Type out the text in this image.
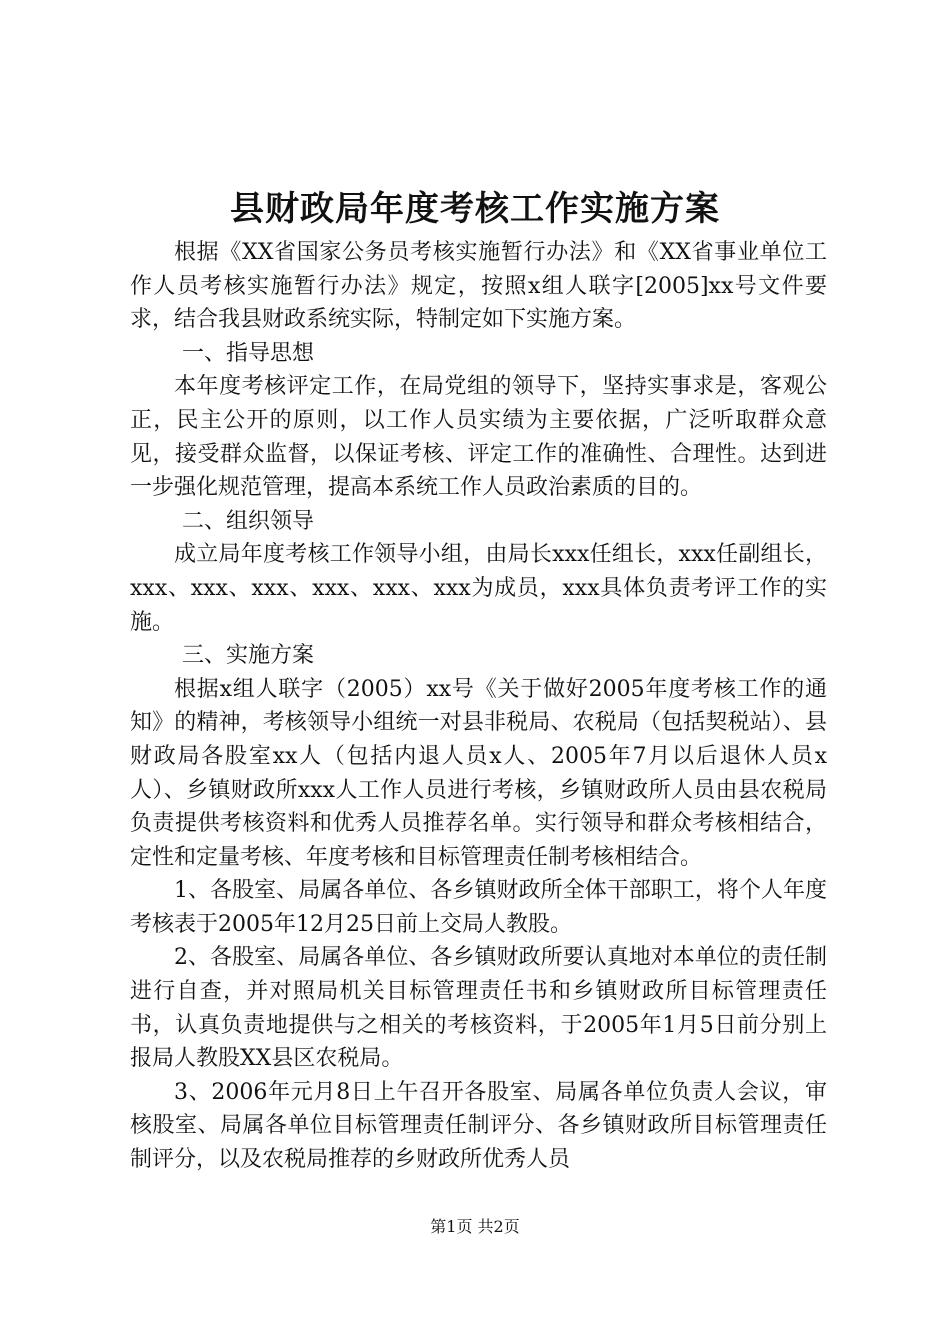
县财政局年度考核工作实施方案

根据《XX省国家公务员考核实施暂行办法》和《XX省事业单位工作人员考核实施暂行办法》规定，按照x组人联字[2005]xx号文件要求，结合我县财政系统实际，特制定如下实施方案。

一、指导思想

本年度考核评定工作，在局党组的领导下，坚持实事求是，客观公正，民主公开的原则，以工作人员实绩为主要依据，广泛听取群众意见，接受群众监督，以保证考核、评定工作的准确性、合理性。达到进一步强化规范管理，提高本系统工作人员政治素质的目的。

二、组织领导

成立局年度考核工作领导小组，由局长xxx任组长，xxx任副组长，xxx、xxx、xxx、xxx、xxx、xxx为成员，xxx具体负责考评工作的实施。

三、实施方案

根据x组人联字（2005）xx号《关于做好2005年度考核工作的通知》的精神，考核领导小组统一对县非税局、农税局（包括契税站）、县财政局各股室xx人（包括内退人员x人、2005年7月以后退休人员x人）、乡镇财政所xxx人工作人员进行考核，乡镇财政所人员由县农税局负责提供考核资料和优秀人员推荐名单。实行领导和群众考核相结合，定性和定量考核、年度考核和目标管理责任制考核相结合。

1、各股室、局属各单位、各乡镇财政所全体干部职工，将个人年度考核表于2005年12月25日前上交局人教股。

2、各股室、局属各单位、各乡镇财政所要认真地对本单位的责任制进行自查，并对照局机关目标管理责任书和乡镇财政所目标管理责任书，认真负责地提供与之相关的考核资料，于2005年1月5日前分别上报局人教股XX县区农税局。

3、2006年元月8日上午召开各股室、局属各单位负责人会议，审核股室、局属各单位目标管理责任制评分、各乡镇财政所目标管理责任制评分，以及农税局推荐的乡财政所优秀人员

第1页 共2页
